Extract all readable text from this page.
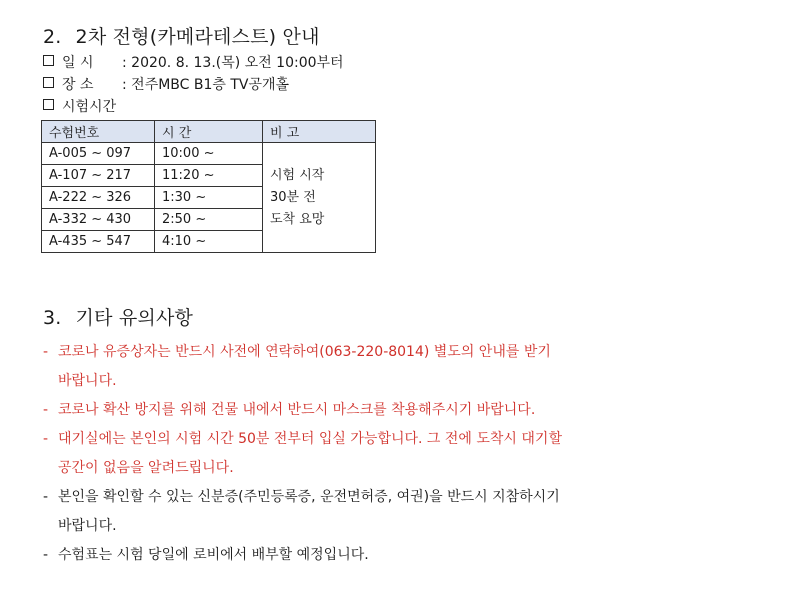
2. 2차 전형(카메라테스트) 안내
일 시 : 2020. 8. 13.(목) 오전 10:00부터
장 소 : 전주MBC B1층 TV공개홀
시험시간
수험번호	시 간	비 고
A-005 ~ 097	10:00 ~	시험 시작
30분 전
도착 요망

A-107 ~ 217	11:20 ~	
A-222 ~ 326	1:30 ~	
A-332 ~ 430	2:50 ~	
A-435 ~ 547	4:10 ~	
3. 기타 유의사항
- 코로나 유증상자는 반드시 사전에 연락하여(063-220-8014) 별도의 안내를 받기
바랍니다.
- 코로나 확산 방지를 위해 건물 내에서 반드시 마스크를 착용해주시기 바랍니다.
- 대기실에는 본인의 시험 시간 50분 전부터 입실 가능합니다. 그 전에 도착시 대기할
공간이 없음을 알려드립니다.
- 본인을 확인할 수 있는 신분증(주민등록증, 운전면허증, 여권)을 반드시 지참하시기
바랍니다.
- 수험표는 시험 당일에 로비에서 배부할 예정입니다.
